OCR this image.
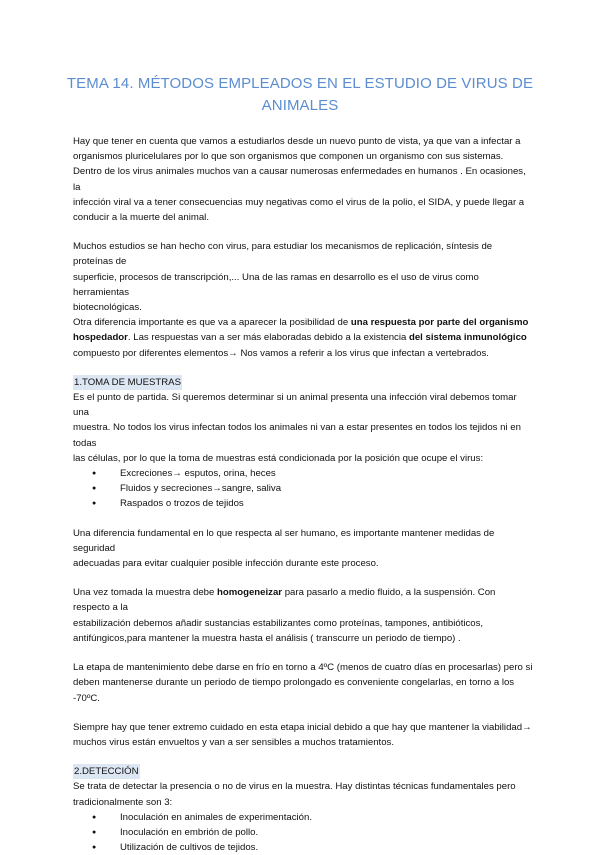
TEMA 14. MÉTODOS EMPLEADOS EN EL ESTUDIO DE VIRUS DE
ANIMALES

Hay que tener en cuenta que vamos a estudiarlos desde un nuevo punto de vista, ya que van a infectar a

organismos pluricelulares por lo que son organismos que componen un organismo con sus sistemas.

Dentro de los virus animales muchos van a causar numerosas enfermedades en humanos . En ocasiones, la

infección viral va a tener consecuencias muy negativas como el virus de la polio, el SIDA, y puede llegar a

conducir a la muerte del animal.

Muchos estudios se han hecho con virus, para estudiar los mecanismos de replicación, síntesis de proteínas de

superficie, procesos de transcripción,... Una de las ramas en desarrollo es el uso de virus como herramientas

biotecnológicas.

Otra diferencia importante es que va a aparecer la posibilidad de una respuesta por parte del organismo

hospedador. Las respuestas van a ser más elaboradas debido a la existencia del sistema inmunológico

compuesto por diferentes elementos→ Nos vamos a referir a los virus que infectan a vertebrados.

1.TOMA DE MUESTRAS

Es el punto de partida. Si queremos determinar si un animal presenta una infección viral debemos tomar una

muestra. No todos los virus infectan todos los animales ni van a estar presentes en todos los tejidos ni en todas

las células, por lo que la toma de muestras está condicionada por la posición que ocupe el virus:

● Excreciones→ esputos, orina, heces
● Fluidos y secreciones→sangre, saliva
● Raspados o trozos de tejidos

Una diferencia fundamental en lo que respecta al ser humano, es importante mantener medidas de seguridad

adecuadas para evitar cualquier posible infección durante este proceso.

Una vez tomada la muestra debe homogeneizar para pasarlo a medio fluido, a la suspensión. Con respecto a la

estabilización debemos añadir sustancias estabilizantes como proteínas, tampones, antibióticos,

antifúngicos,para mantener la muestra hasta el análisis ( transcurre un periodo de tiempo) .

La etapa de mantenimiento debe darse en frío en torno a 4ºC (menos de cuatro días en procesarlas) pero si

deben mantenerse durante un periodo de tiempo prolongado es conveniente congelarlas, en torno a los -70ºC.

Siempre hay que tener extremo cuidado en esta etapa inicial debido a que hay que mantener la viabilidad→

muchos virus están envueltos y van a ser sensibles a muchos tratamientos.

2.DETECCIÓN

Se trata de detectar la presencia o no de virus en la muestra. Hay distintas técnicas fundamentales pero

tradicionalmente son 3:

● Inoculación en animales de experimentación.
● Inoculación en embrión de pollo.
● Utilización de cultivos de tejidos.
